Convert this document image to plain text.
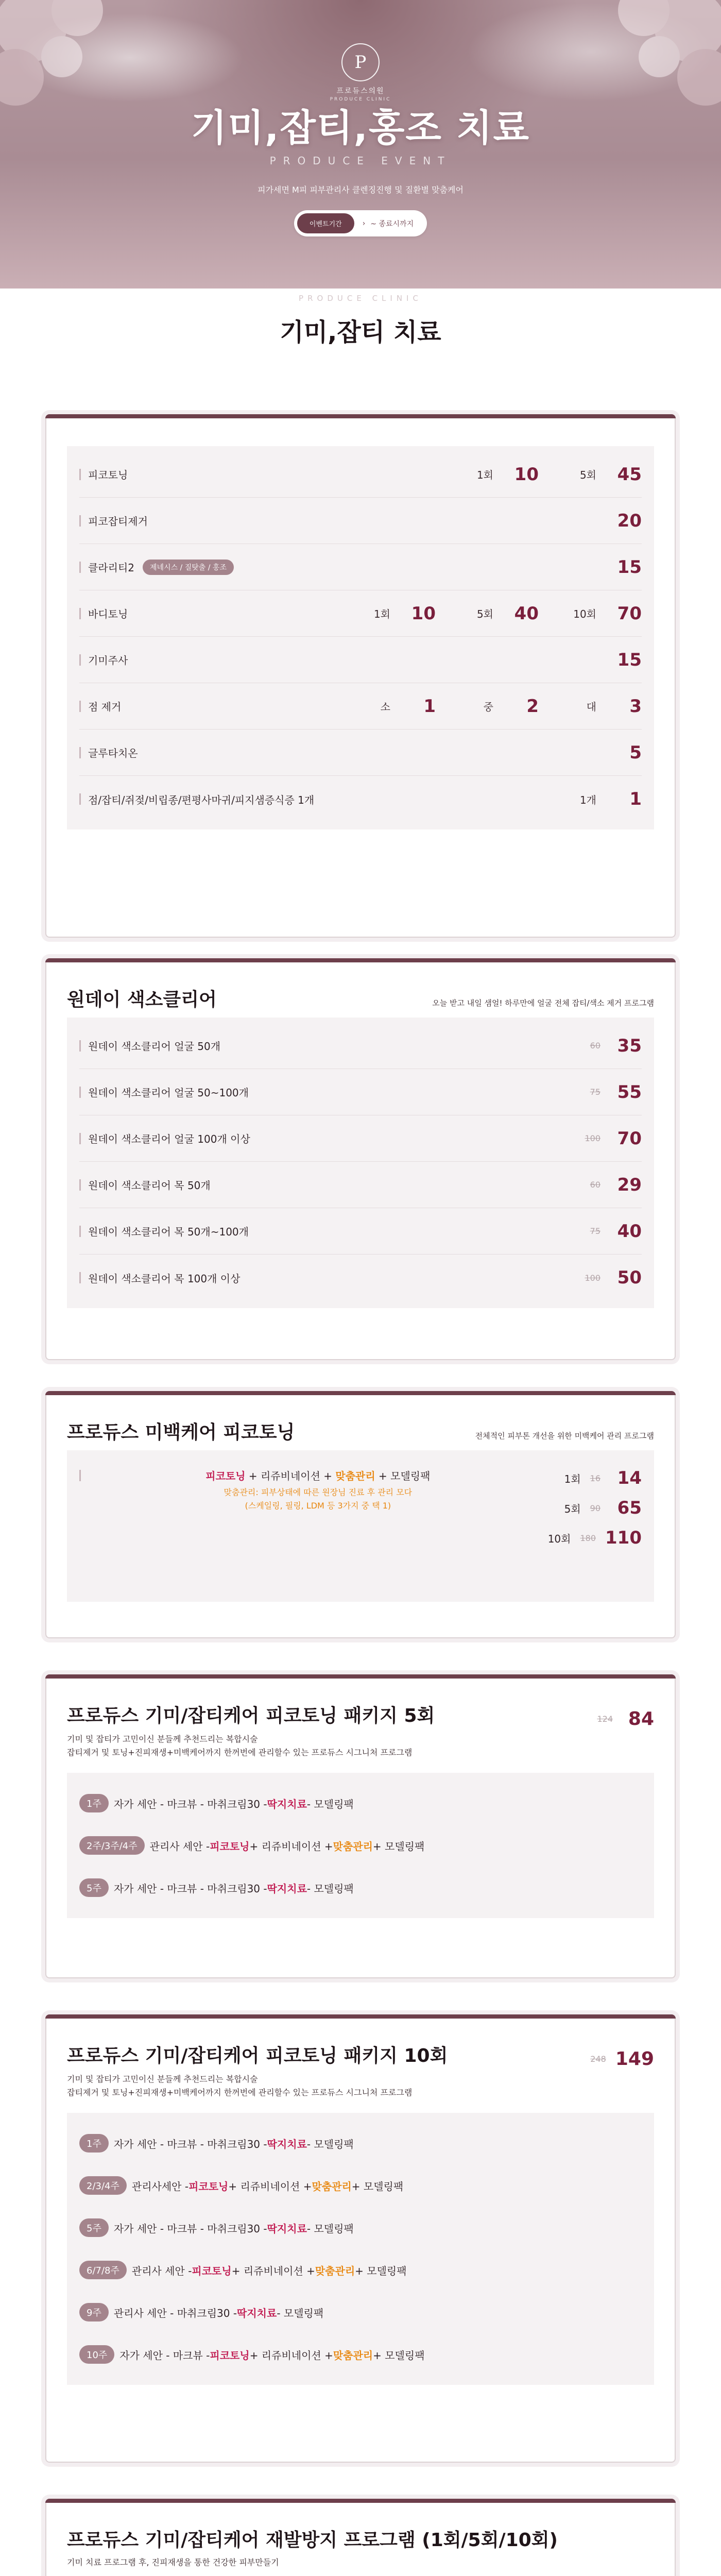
P
프로듀스의원
PRODUCE CLINIC
기미,잡티,홍조 치료
PRODUCE EVENT
피가세면 M피 피부관리사 클렌징진행 및 질환별 맞춤케어
이벤트기간	› ~ 종료시까지
PRODUCE CLINIC
기미,잡티 치료
피코토닝	1회	10	5회	45
피코잡티제거	20
클라리티2	제네시스 / 질탓출 / 홍조	15
바디토닝	1회	10	5회	40	10회	70
기미주사	15
점 제거	소	1	중	2	대	3
글루타치온	5
점/잡티/쥐젖/비립종/편평사마귀/피지샘증식증 1개	1개	1
원데이 색소클리어	오늘 받고 내일 샘얼! 하루만에 얼굴 전체 잡티/색소 제거 프로그램
원데이 색소클리어 얼굴 50개	60 35
원데이 색소클리어 얼굴 50~100개	75 55
원데이 색소클리어 얼굴 100개 이상	100 70
원데이 색소클리어 목 50개	60 29
원데이 색소클리어 목 50개~100개	75 40
원데이 색소클리어 목 100개 이상	100 50
프로듀스 미백케어 피코토닝	전체적인 피부톤 개선을 위한 미백케어 관리 프로그램
피코토닝 + 리쥬비네이션 + 맞춤관리 + 모델링팩
맞춤관리: 피부상태에 따른 원장님 진료 후 관리 모다
(스케일링, 필링, LDM 등 3가지 중 택 1)
1회 16 14
5회 90 65
10회 180 110
프로듀스 기미/잡티케어 피코토닝 패키지 5회	124 84
기미 및 잡티가 고민이신 분들께 추천드리는 복합시술
잡티제거 및 토닝+진피재생+미백케어까지 한꺼번에 관리할수 있는 프로듀스 시그니처 프로그램
1주	자가 세안 - 마크뷰 - 마취크림30 - 딱지치료 - 모델링팩
2주/3주/4주	관리사 세안 - 피코토닝 + 리쥬비네이션 + 맞춤관리 + 모델링팩
5주	자가 세안 - 마크뷰 - 마취크림30 - 딱지치료 - 모델링팩
프로듀스 기미/잡티케어 피코토닝 패키지 10회	248 149
기미 및 잡티가 고민이신 분들께 추천드리는 복합시술
잡티제거 및 토닝+진피재생+미백케어까지 한꺼번에 관리할수 있는 프로듀스 시그니처 프로그램
1주	자가 세안 - 마크뷰 - 마취크림30 - 딱지치료 - 모델링팩
2/3/4주	관리사세안 - 피코토닝 + 리쥬비네이션 + 맞춤관리 + 모델링팩
5주	자가 세안 - 마크뷰 - 마취크림30 - 딱지치료 - 모델링팩
6/7/8주	관리사 세안 - 피코토닝 + 리쥬비네이션 + 맞춤관리 + 모델링팩
9주	관리사 세안 - 마취크림30 - 딱지치료 - 모델링팩
10주	자가 세안 - 마크뷰 - 피코토닝 + 리쥬비네이션 + 맞춤관리 + 모델링팩
프로듀스 기미/잡티케어 재발방지 프로그램 (1회/5회/10회)
기미 치료 프로그램 후, 진피재생을 통한 건강한 피부만들기
